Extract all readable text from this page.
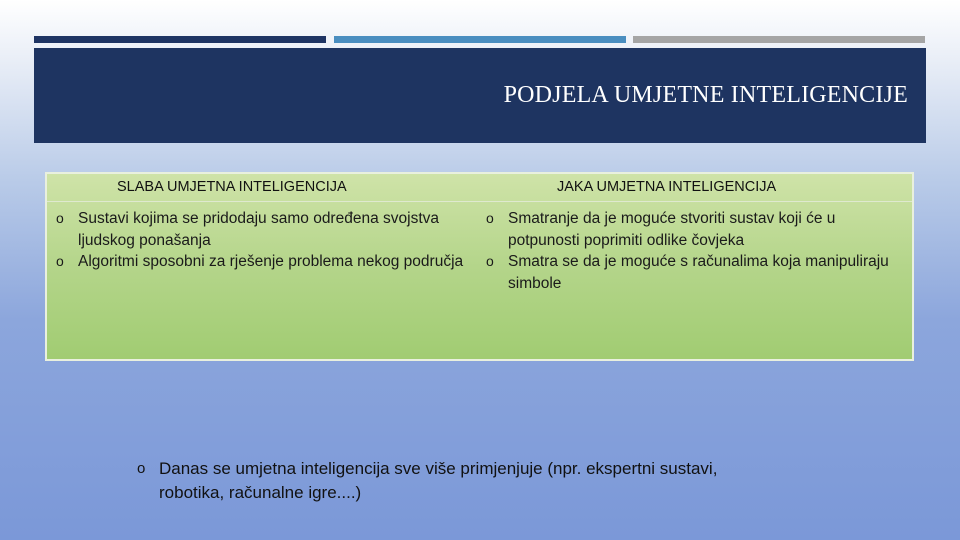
PODJELA UMJETNE INTELIGENCIJE
SLABA UMJETNA INTELIGENCIJA	JAKA UMJETNA INTELIGENCIJA
o Sustavi kojima se pridodaju samo određena svojstva ljudskog ponašanja
o Algoritmi sposobni za rješenje problema nekog područja
o Smatranje da je moguće stvoriti sustav koji će u potpunosti poprimiti odlike čovjeka
o Smatra se da je moguće s računalima koja manipuliraju simbole
o Danas se umjetna inteligencija sve više primjenjuje (npr. ekspertni sustavi, robotika, računalne igre....)
